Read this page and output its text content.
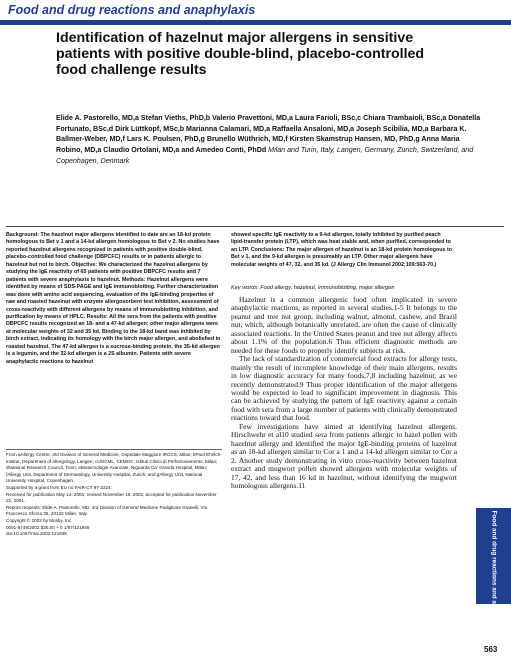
Food and drug reactions and anaphylaxis
Identification of hazelnut major allergens in sensitive patients with positive double-blind, placebo-controlled food challenge results

Elide A. Pastorello, MD,a Stefan Vieths, PhD,b Valerio Pravettoni, MD,a Laura Farioli, BSc,c Chiara Trambaioli, BSc,a Donatella Fortunato, BSc,d Dirk Lüttkopf, MSc,b Marianna Calamari, MD,a Raffaella Ansaloni, MD,a Joseph Scibilia, MD,a Barbara K. Ballmer-Weber, MD,f Lars K. Poulsen, PhD,g Brunello Wüthrich, MD,f Kirsten Skamstrup Hansen, MD, PhD,g Anna Maria Robino, MD,a Claudio Ortolani, MD,a and Amedeo Conti, PhDd Milan and Turin, Italy, Langen, Germany, Zurich, Switzerland, and Copenhagen, Denmark

Background: The hazelnut major allergens identified to date are an 18-kd protein homologous to Bet v 1 and a 14-kd allergen homologous to Bet v 2. No studies have reported hazelnut allergens recognized in patients with positive double-blind, placebo-controlled food challenge (DBPCFC) results or in patients allergic to hazelnut but not to birch. Objective: We characterized the hazelnut allergens by studying the IgE reactivity of 65 patients with positive DBPCFC results and 7 patients with severe anaphylaxis to hazelnut. Methods: Hazelnut allergens were identified by means of SDS-PAGE and IgE immunoblotting. Further characterization was done with amino acid sequencing, evaluation of the IgE-binding properties of raw and roasted hazelnut with enzyme allergosorbent test inhibition, assessment of cross-reactivity with different allergens by means of immunoblotting inhibition, and purification by means of HPLC. Results: All the sera from the patients with positive DBPCFC results recognized an 18- and a 47-kd allergen; other major allergens were at molecular weights of 32 and 35 kd. Binding to the 18-kd band was inhibited by birch extract, indicating its homology with the birch major allergen, and abolished in roasted hazelnut. The 47-kd allergen is a sucrose-binding protein, the 35-kd allergen is a legumin, and the 32-kd allergen is a 2S albumin. Patients with severe anaphylactic reactions to hazelnut

showed specific IgE reactivity to a 9-kd allergen, totally inhibited by purified peach lipid-transfer protein (LTP), which was heat stable and, when purified, corresponded to an LTP. Conclusions: The major allergen of hazelnut is an 18-kd protein homologous to Bet v 1, and the 9-kd allergen is presumably an LTP. Other major allergens have molecular weights of 47, 32, and 35 kd. (J Allergy Clin Immunol 2002;109:563-70.)

Key words: Food allergy, hazelnut, immunoblotting, major allergen

Hazelnut is a common allergenic food often implicated in severe anaphylactic reactions, as reported in several studies.1-5 It belongs to the peanut and tree nut group, including walnut, almond, cashew, and Brazil nut, which, although botanically unrelated, are often the cause of clinically associated reactions. In the United States peanut and tree nut allergy affects about 1.1% of the population.6 Thus efficient diagnostic methods are needed for these foods to properly identify subjects at risk.

The lack of standardization of commercial food extracts for allergy tests, mainly the result of incomplete knowledge of their main allergens, results in low diagnostic accuracy for many foods,7,8 including hazelnut, as we recently demonstrated.9 Thus proper identification of the major allergens would be expected to lead to significant improvement in diagnosis. This can be achieved by studying the pattern of IgE reactivity against a certain food with sera from a large number of patients with clinically demonstrated reactions toward that food.

Few investigations have aimed at identifying hazelnut allergens. Hirschwehr et al10 studied sera from patients allergic to hazel pollen with hazelnut allergy and identified the major IgE-binding proteins of hazelnut as an 18-kd allergen similar to Cor a 1 and a 14-kd allergen similar to Cor a 2. Another study demonstrating in vitro cross-reactivity between hazelnut extract and mugwort pollen showed allergens with molecular weights of 17, 42, and less than 16 kd in hazelnut, without identifying the mugwort homologous allergens.11

From aAllergy Centre, 3rd Division of General Medicine, Ospedale Maggiore IRCCS, Milan; bPaul-Ehrlich-Institut, Department of Allergology, Langen; cUOCML, CEMOC, Istituti Clinici di Perfezionamento, Milan; dNational Research Council, Turin; eBiotecnologie Avanzate, Niguarda Ca' Granda Hospital, Milan; fAllergy Unit, Department of Dermatology, University Hospital, Zurich; and gAllergy Unit, National University Hospital, Copenhagen.

Supported by a grant from EU no FAIR-CT 97-3224.

Received for publication May 14, 2001; revised November 19, 2001; accepted for publication November 22, 2001.

Reprint requests: Elide A. Pastorello, MD, 3rd Division of General Medicine Padiglione Granelli, Via Francesco Sforza 35, 20122 Milan, Italy.

Copyright © 2002 by Mosby, Inc.

0091-6749/2002 $35.00 + 0 1/87/121946

doi:10.1067/mai.2002.121946	Food and drug reactions and anaphylaxis
563
